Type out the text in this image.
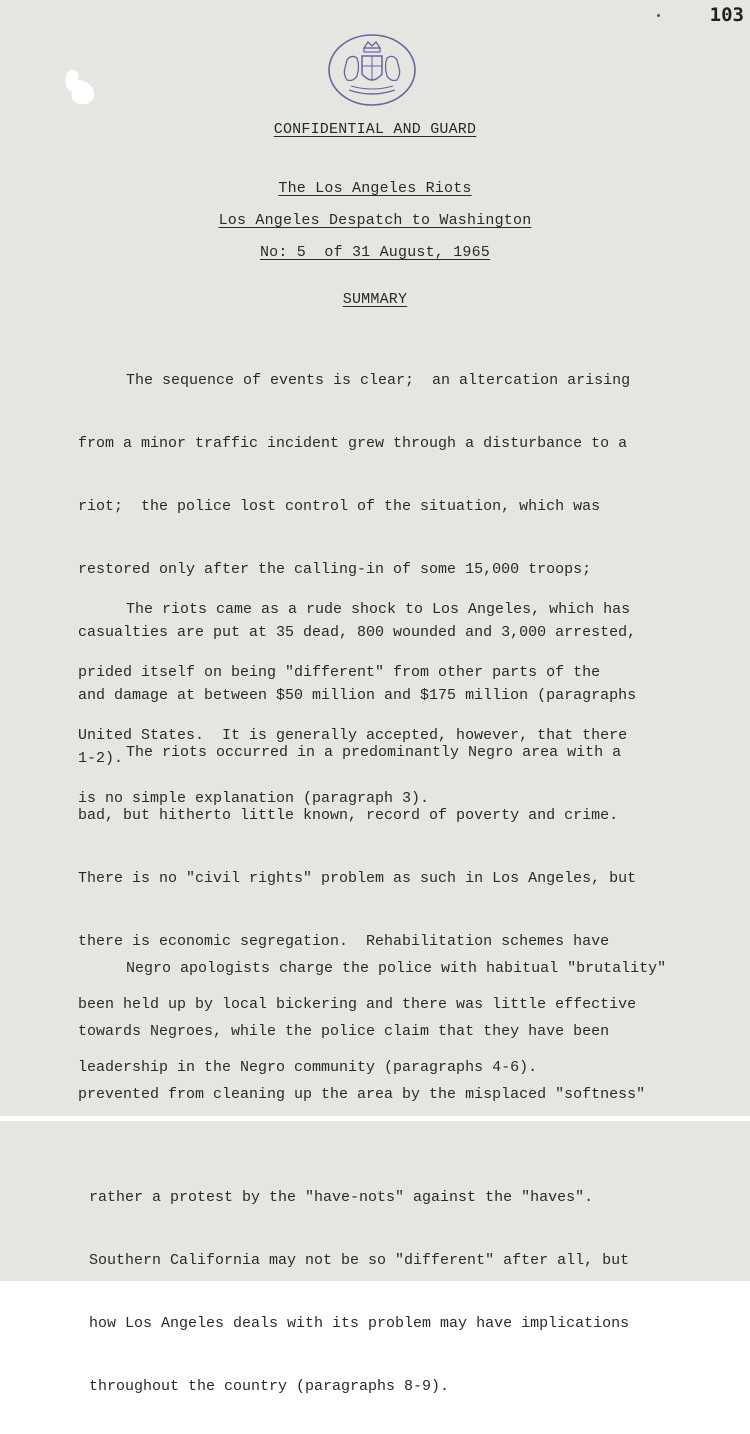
103
CONFIDENTIAL AND GUARD
The Los Angeles Riots
Los Angeles Despatch to Washington
No: 5  of 31 August, 1965
SUMMARY

The sequence of events is clear;  an altercation arising

from a minor traffic incident grew through a disturbance to a

riot;  the police lost control of the situation, which was

restored only after the calling-in of some 15,000 troops;

casualties are put at 35 dead, 800 wounded and 3,000 arrested,

and damage at between $50 million and $175 million (paragraphs

1-2).

The riots came as a rude shock to Los Angeles, which has

prided itself on being "different" from other parts of the

United States.  It is generally accepted, however, that there

is no simple explanation (paragraph 3).

The riots occurred in a predominantly Negro area with a

bad, but hitherto little known, record of poverty and crime.

There is no "civil rights" problem as such in Los Angeles, but

there is economic segregation.  Rehabilitation schemes have

been held up by local bickering and there was little effective

leadership in the Negro community (paragraphs 4-6).

Negro apologists charge the police with habitual "brutality"

towards Negroes, while the police claim that they have been

prevented from cleaning up the area by the misplaced "softness"

rather a protest by the "have-nots" against the "haves".

Southern California may not be so "different" after all, but

how Los Angeles deals with its problem may have implications

throughout the country (paragraphs 8-9).
